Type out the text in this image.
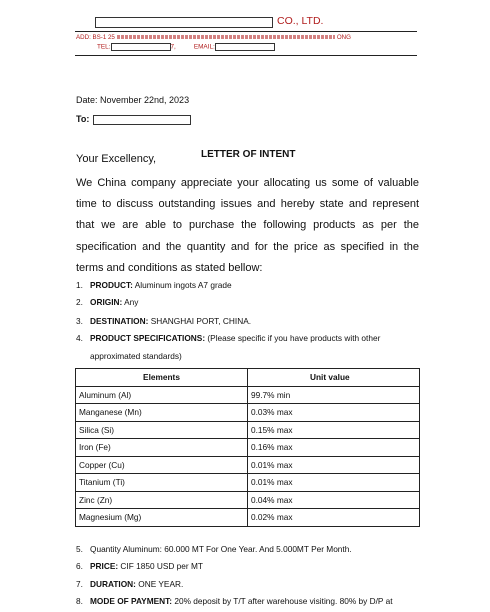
CO., LTD.
ADD: BS-1 25	ONG
TEL:	7,	EMAIL:
Date: November 22nd, 2023
To:
Your Excellency,	LETTER OF INTENT
We China company appreciate your allocating us some of valuable time to discuss outstanding issues and hereby state and represent that we are able to purchase the following products as per the specification and the quantity and for the price as specified in the terms and conditions as stated bellow:
1. PRODUCT: Aluminum ingots A7 grade
2. ORIGIN: Any
3. DESTINATION: SHANGHAI PORT, CHINA.
4. PRODUCT SPECIFICATIONS: (Please specific if you have products with other
approximated standards)
Elements	Unit value
Aluminum (Al)	99.7% min
Manganese (Mn)	0.03% max
Silica (Si)	0.15% max
Iron (Fe)	0.16% max
Copper (Cu)	0.01% max
Titanium (Ti)	0.01% max
Zinc (Zn)	0.04% max
Magnesium (Mg)	0.02% max
5. Quantity Aluminum: 60.000 MT For One Year. And 5.000MT Per Month.
6. PRICE: CIF 1850 USD per MT
7. DURATION: ONE YEAR.
8. MODE OF PAYMENT: 20% deposit by T/T after warehouse visiting. 80% by D/P at
